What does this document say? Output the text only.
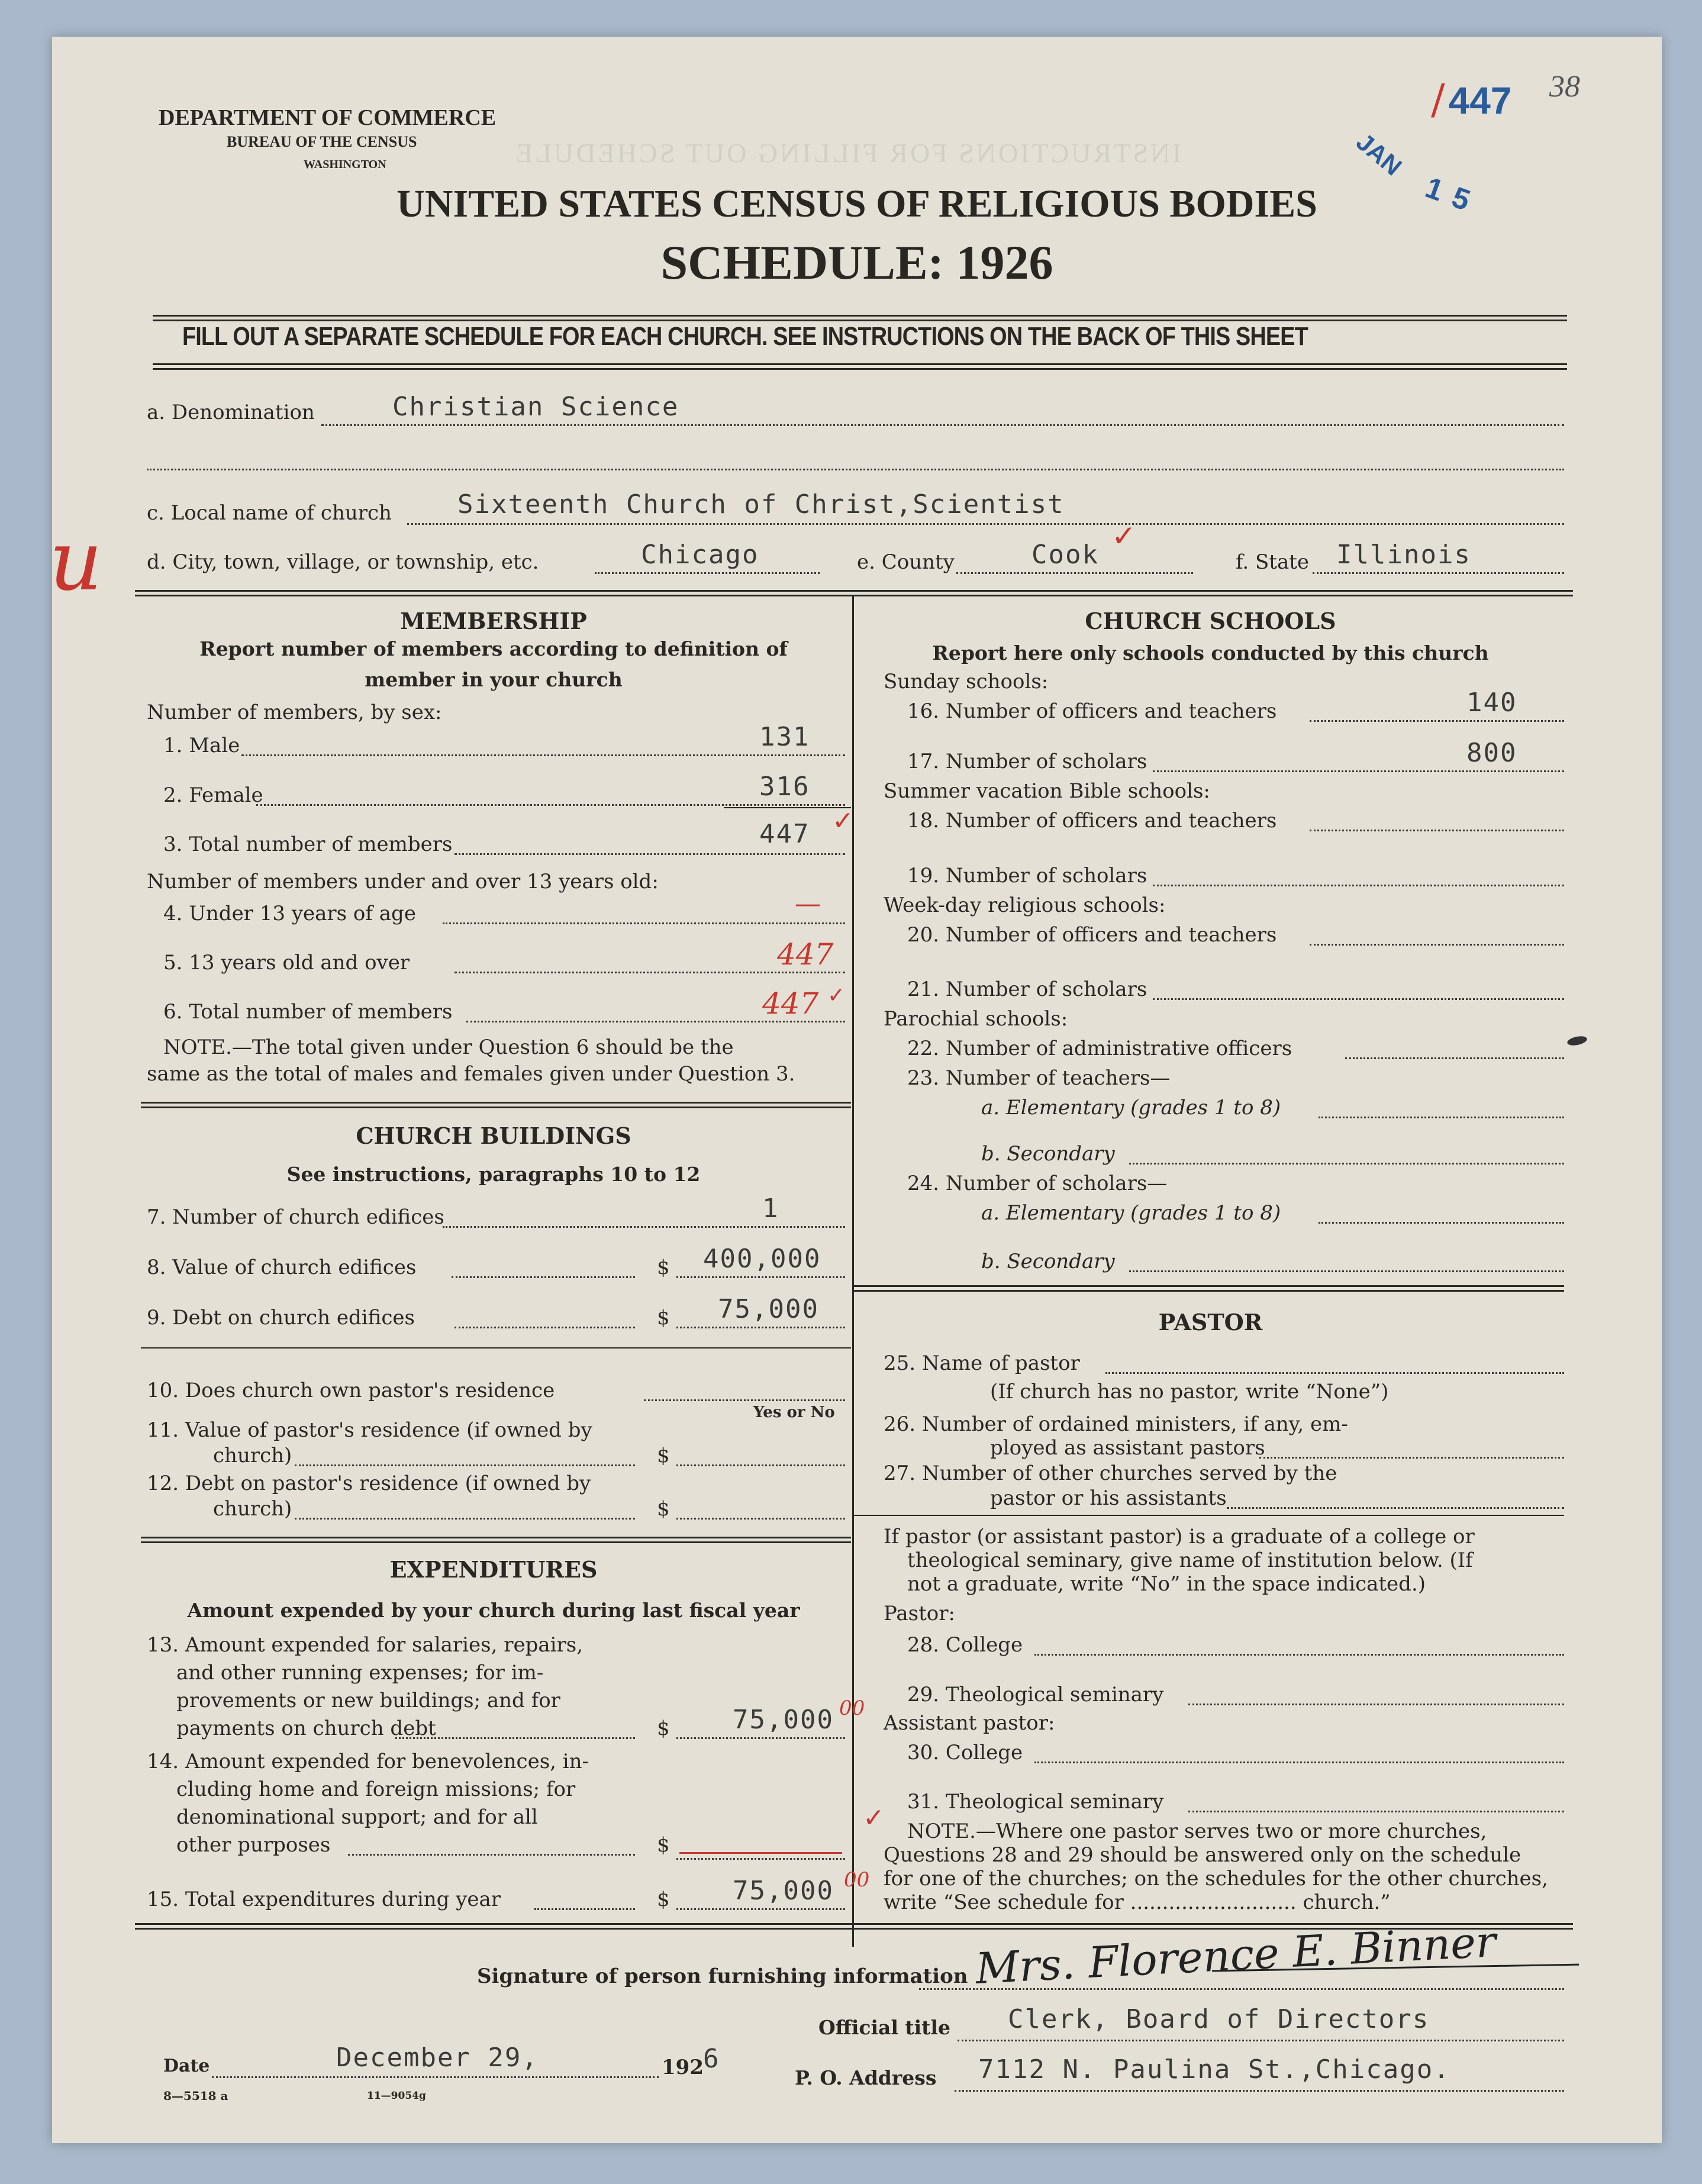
INSTRUCTIONS FOR FILLING OUT SCHEDULE
DEPARTMENT OF COMMERCE
BUREAU OF THE CENSUS
WASHINGTON
/447 38
JAN
15
UNITED STATES CENSUS OF RELIGIOUS BODIES
SCHEDULE: 1926
FILL OUT A SEPARATE SCHEDULE FOR EACH CHURCH. SEE INSTRUCTIONS ON THE BACK OF THIS SHEET
u
a. Denomination	Christian Science
c. Local name of church	Sixteenth Church of Christ,Scientist
d. City, town, village, or township, etc.	Chicago	e. County	Cook
✓
f. State Illinois
MEMBERSHIP
Report number of members according to definition of
member in your church
Number of members, by sex:
1. Male	131
2. Female	316
3. Total number of members	447 ✓
Number of members under and over 13 years old:
4. Under 13 years of age	—
5. 13 years old and over	447
6. Total number of members	447 ✓
NOTE.—The total given under Question 6 should be the
same as the total of males and females given under Question 3.
CHURCH BUILDINGS
See instructions, paragraphs 10 to 12
7. Number of church edifices	1
8. Value of church edifices	$ 400,000
9. Debt on church edifices	$ 75,000
10. Does church own pastor's residence
Yes or No
11. Value of pastor's residence (if owned by
church)	$
12. Debt on pastor's residence (if owned by
church)	$
EXPENDITURES
Amount expended by your church during last fiscal year
13. Amount expended for salaries, repairs,
and other running expenses; for im-
provements or new buildings; and for
payments on church debt	$ 75,000 00
14. Amount expended for benevolences, in-
cluding home and foreign missions; for
denominational support; and for all
other purposes	$
✓
15. Total expenditures during year	$ 75,000 00
CHURCH SCHOOLS
Report here only schools conducted by this church
Sunday schools:
16. Number of officers and teachers	140
17. Number of scholars	800
Summer vacation Bible schools:
18. Number of officers and teachers
19. Number of scholars
Week-day religious schools:
20. Number of officers and teachers
21. Number of scholars
Parochial schools:
22. Number of administrative officers
23. Number of teachers—
a. Elementary (grades 1 to 8)
b. Secondary
24. Number of scholars—
a. Elementary (grades 1 to 8)
b. Secondary
PASTOR
25. Name of pastor
(If church has no pastor, write “None”)
26. Number of ordained ministers, if any, em-
ployed as assistant pastors
27. Number of other churches served by the
pastor or his assistants
If pastor (or assistant pastor) is a graduate of a college or
theological seminary, give name of institution below. (If
not a graduate, write “No” in the space indicated.)
Pastor:
28. College
29. Theological seminary
Assistant pastor:
30. College
31. Theological seminary
NOTE.—Where one pastor serves two or more churches,
Questions 28 and 29 should be answered only on the schedule
for one of the churches; on the schedules for the other churches,
write “See schedule for .......................... church.”
Signature of person furnishing information Mrs. Florence E. Binner
Official title Clerk, Board of Directors
Date	December 29,	192 6
P. O. Address 7112 N. Paulina St.,Chicago.
8—5518 a	11—9054g
